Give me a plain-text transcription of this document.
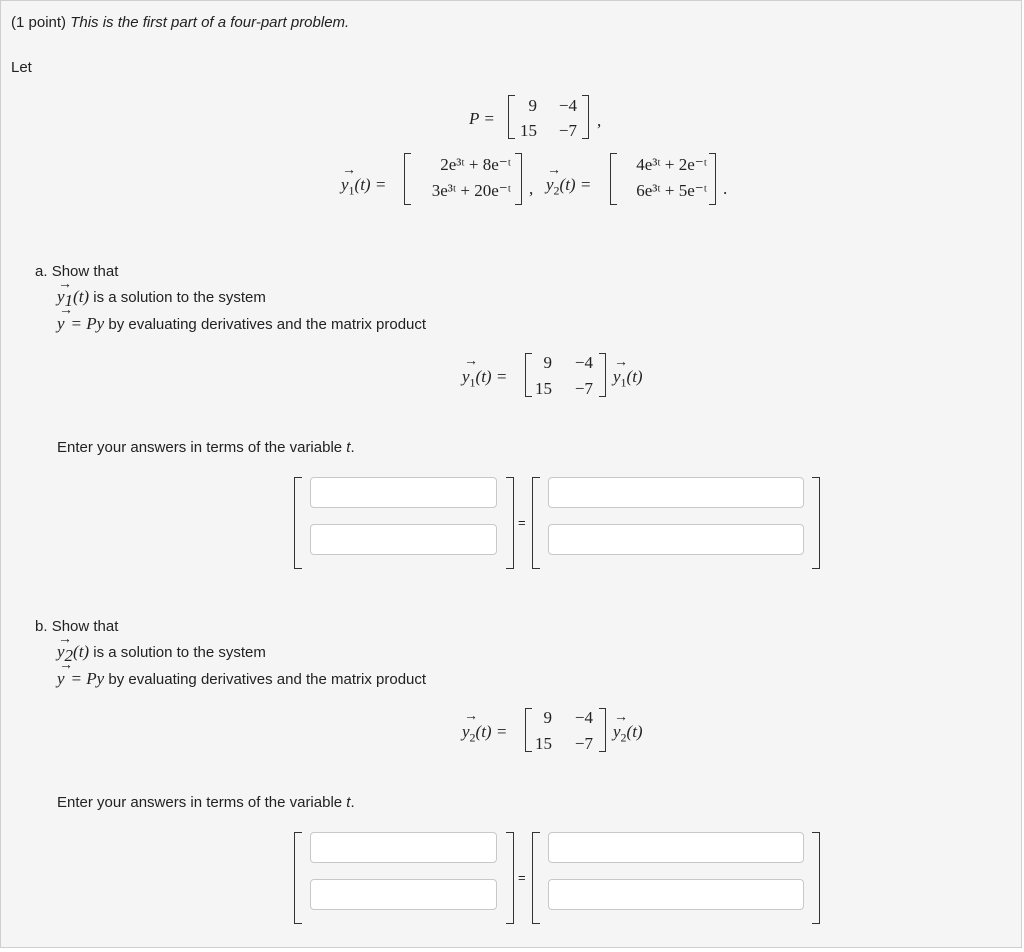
(1 point) This is the first part of a four-part problem.
Let
P =
9	−4
15	−7
,
→ $y_1(t)$ =
2e³ᵗ + 8e⁻ᵗ
3e³ᵗ + 20e⁻ᵗ ,
→ $y_2(t)$ =
4e³ᵗ + 2e⁻ᵗ
6e³ᵗ + 5e⁻ᵗ .
a. Show that
→ $y_1(t)$ is a solution to the system
y → = Py by evaluating derivatives and the matrix product
$y \to_1(t)$ =
9	−4
15	−7
→ $y_1(t)$
Enter your answers in terms of the variable t.
=
b. Show that
→ $y_2(t)$ is a solution to the system
y → = Py by evaluating derivatives and the matrix product
$y \to_2(t)$ =
9	−4
15	−7
→ $y_2(t)$
Enter your answers in terms of the variable t.
=
